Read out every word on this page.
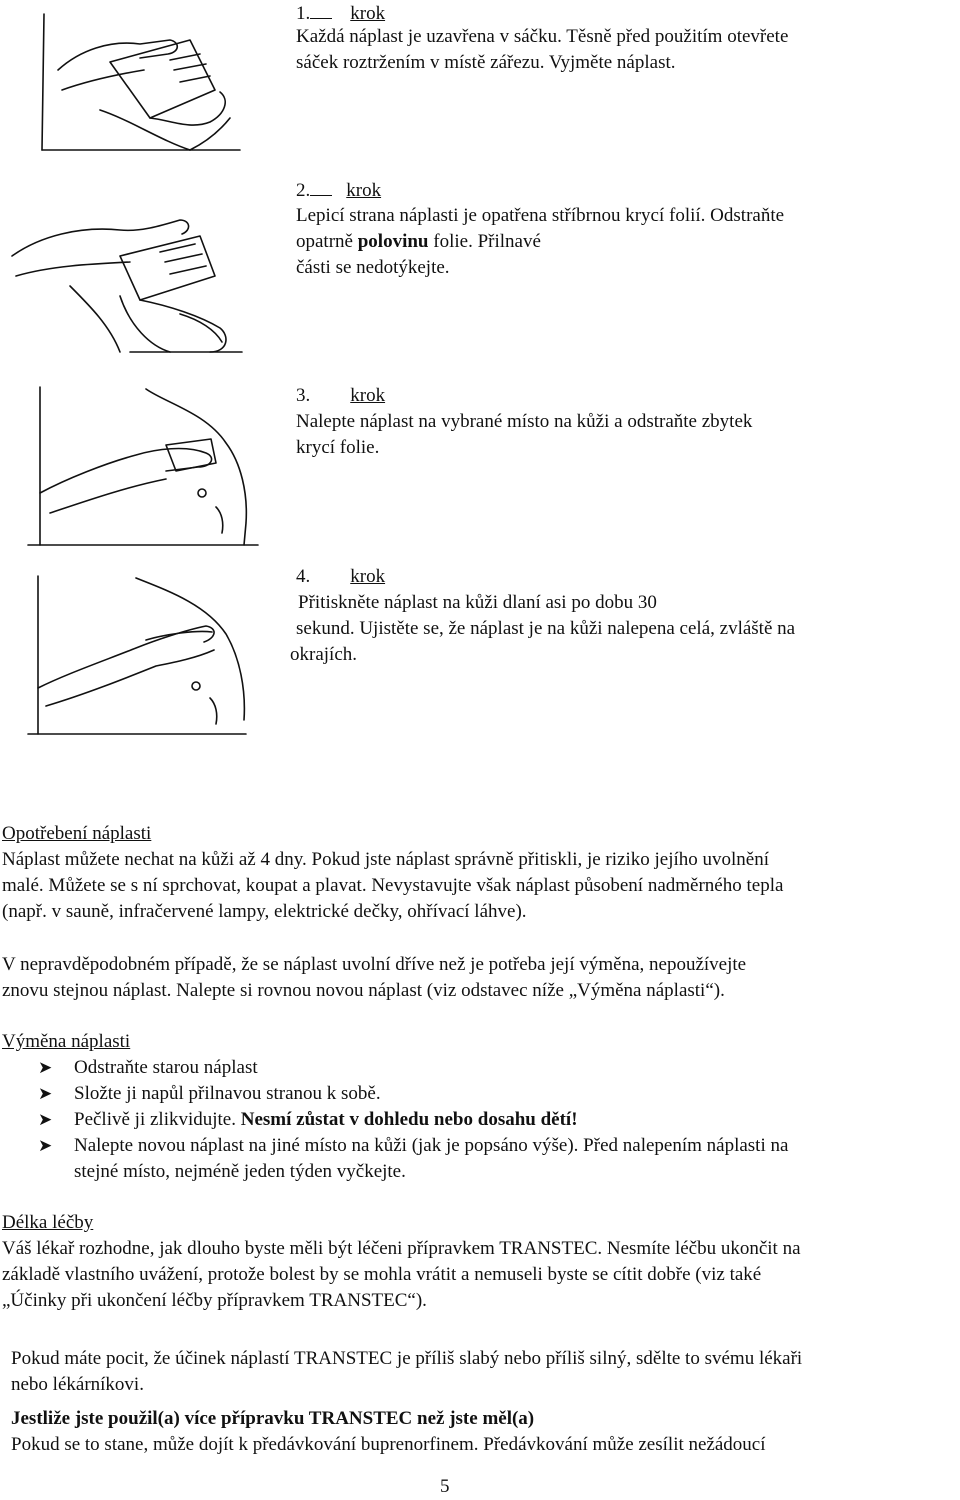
1. krok
Každá náplast je uzavřena v sáčku. Těsně před použitím otevřete
sáček roztržením v místě zářezu. Vyjměte náplast.
2. krok
Lepicí strana náplasti je opatřena stříbrnou krycí folií. Odstraňte
opatrně polovinu folie. Přilnavé
části se nedotýkejte.
3. krok
Nalepte náplast na vybrané místo na kůži a odstraňte zbytek
krycí folie.
4. krok
Přitiskněte náplast na kůži dlaní asi po dobu 30
sekund. Ujistěte se, že náplast je na kůži nalepena celá, zvláště na
okrajích.
Opotřebení náplasti
Náplast můžete nechat na kůži až 4 dny. Pokud jste náplast správně přitiskli, je riziko jejího uvolnění
malé. Můžete se s ní sprchovat, koupat a plavat. Nevystavujte však náplast působení nadměrného tepla
(např. v sauně, infračervené lampy, elektrické dečky, ohřívací láhve).
V nepravděpodobném případě, že se náplast uvolní dříve než je potřeba její výměna, nepoužívejte
znovu stejnou náplast. Nalepte si rovnou novou náplast (viz odstavec níže „Výměna náplasti“).
Výměna náplasti
➤ Odstraňte starou náplast
➤ Složte ji napůl přilnavou stranou k sobě.
➤ Pečlivě ji zlikvidujte. Nesmí zůstat v dohledu nebo dosahu dětí!
➤ Nalepte novou náplast na jiné místo na kůži (jak je popsáno výše). Před nalepením náplasti na
stejné místo, nejméně jeden týden vyčkejte.
Délka léčby
Váš lékař rozhodne, jak dlouho byste měli být léčeni přípravkem TRANSTEC. Nesmíte léčbu ukončit na
základě vlastního uvážení, protože bolest by se mohla vrátit a nemuseli byste se cítit dobře (viz také
„Účinky při ukončení léčby přípravkem TRANSTEC“).
Pokud máte pocit, že účinek náplastí TRANSTEC je příliš slabý nebo příliš silný, sdělte to svému lékaři
nebo lékárníkovi.
Jestliže jste použil(a) více přípravku TRANSTEC než jste měl(a)
Pokud se to stane, může dojít k předávkování buprenorfinem. Předávkování může zesílit nežádoucí
5
